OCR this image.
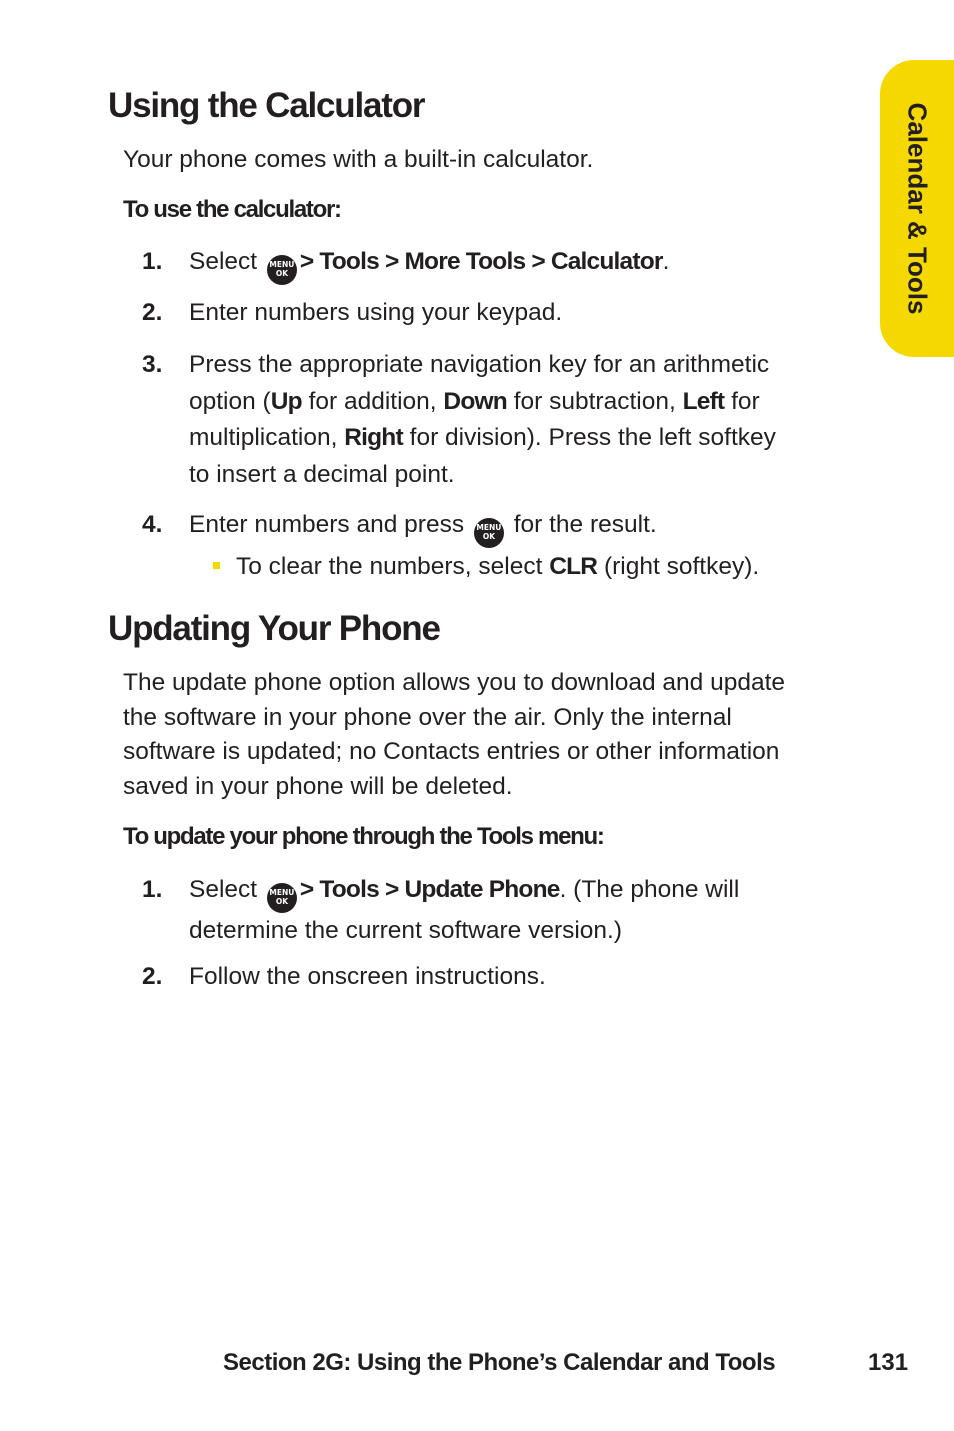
Calendar & Tools
Using the Calculator

Your phone comes with a built-in calculator.

To use the calculator:

1. Select MENU
OK > Tools > More Tools > Calculator.
2. Enter numbers using your keypad.
3. Press the appropriate navigation key for an arithmetic
option (Up for addition, Down for subtraction, Left for
multiplication, Right for division). Press the left softkey
to insert a decimal point.
4. Enter numbers and press MENU
OK for the result.
To clear the numbers, select CLR (right softkey).
Updating Your Phone
The update phone option allows you to download and update
the software in your phone over the air. Only the internal
software is updated; no Contacts entries or other information
saved in your phone will be deleted.

To update your phone through the Tools menu:

1. Select MENU
OK > Tools > Update Phone. (The phone will
determine the current software version.)
2. Follow the onscreen instructions.
Section 2G: Using the Phone’s Calendar and Tools	131
